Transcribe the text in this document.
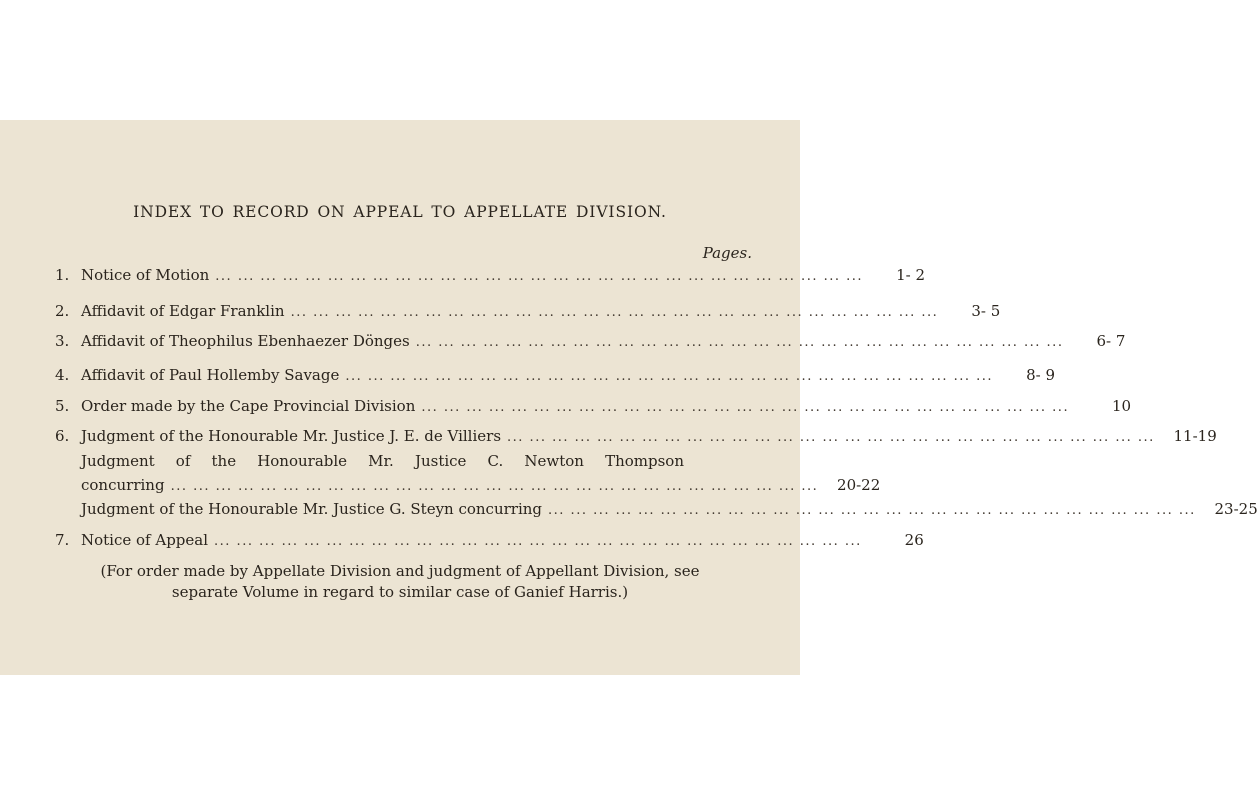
INDEX TO RECORD ON APPEAL TO APPELLATE DIVISION.
Pages.
1. Notice of Motion ... ... ... ... ... ... ... ... ... ... ... ... ... ... ... ... ... ... ... ... ... ... ... ... ... ... ... ... ...	1- 2
2. Affidavit of Edgar Franklin ... ... ... ... ... ... ... ... ... ... ... ... ... ... ... ... ... ... ... ... ... ... ... ... ... ... ... ... ...	3- 5
3. Affidavit of Theophilus Ebenhaezer Dönges ... ... ... ... ... ... ... ... ... ... ... ... ... ... ... ... ... ... ... ... ... ... ... ... ... ... ... ... ...	6- 7
4. Affidavit of Paul Hollemby Savage ... ... ... ... ... ... ... ... ... ... ... ... ... ... ... ... ... ... ... ... ... ... ... ... ... ... ... ... ...	8- 9
5. Order made by the Cape Provincial Division ... ... ... ... ... ... ... ... ... ... ... ... ... ... ... ... ... ... ... ... ... ... ... ... ... ... ... ... ...	10
6. Judgment of the Honourable Mr. Justice J. E. de Villiers ... ... ... ... ... ... ... ... ... ... ... ... ... ... ... ... ... ... ... ... ... ... ... ... ... ... ... ... ...	11-19
Judgment of the Honourable Mr. Justice C. Newton Thompson
concurring ... ... ... ... ... ... ... ... ... ... ... ... ... ... ... ... ... ... ... ... ... ... ... ... ... ... ... ... ...	20-22
Judgment of the Honourable Mr. Justice G. Steyn concurring ... ... ... ... ... ... ... ... ... ... ... ... ... ... ... ... ... ... ... ... ... ... ... ... ... ... ... ... ...	23-25
7. Notice of Appeal ... ... ... ... ... ... ... ... ... ... ... ... ... ... ... ... ... ... ... ... ... ... ... ... ... ... ... ... ...	26
(For order made by Appellate Division and judgment of Appellant Division, see
separate Volume in regard to similar case of Ganief Harris.)
